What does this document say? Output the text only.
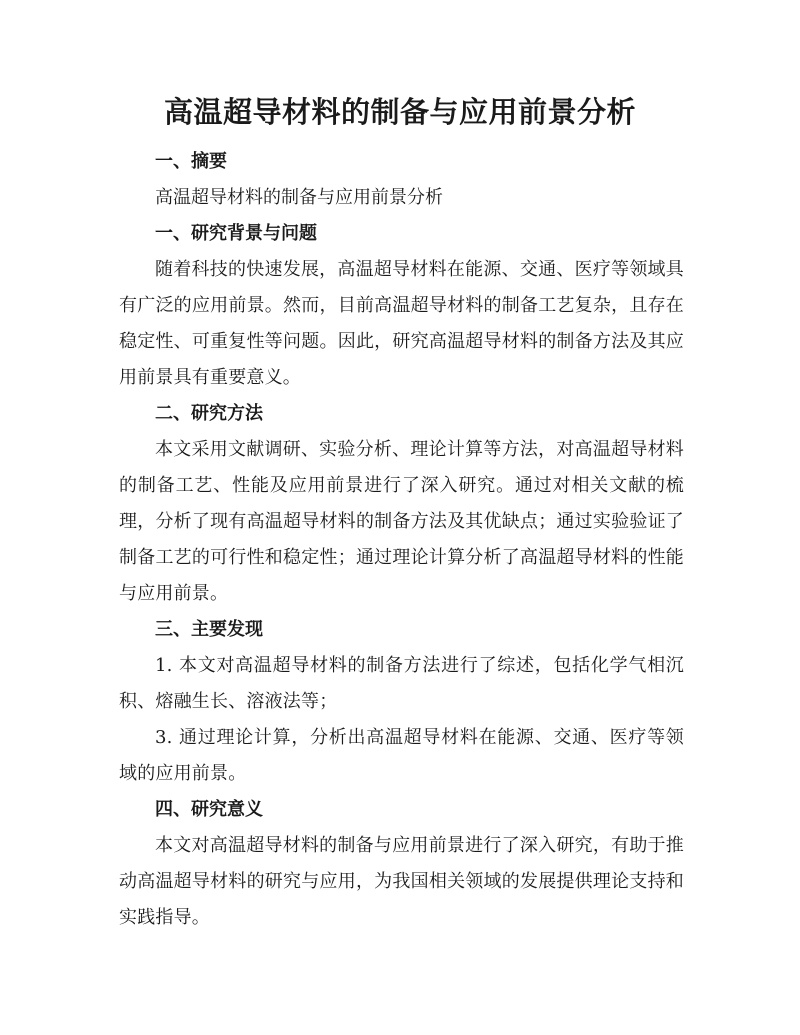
高温超导材料的制备与应用前景分析

一、摘要

高温超导材料的制备与应用前景分析

一、研究背景与问题

随着科技的快速发展，高温超导材料在能源、交通、医疗等领域具有广泛的应用前景。然而，目前高温超导材料的制备工艺复杂，且存在稳定性、可重复性等问题。因此，研究高温超导材料的制备方法及其应用前景具有重要意义。

二、研究方法

本文采用文献调研、实验分析、理论计算等方法，对高温超导材料的制备工艺、性能及应用前景进行了深入研究。通过对相关文献的梳理，分析了现有高温超导材料的制备方法及其优缺点；通过实验验证了制备工艺的可行性和稳定性；通过理论计算分析了高温超导材料的性能与应用前景。

三、主要发现

1. 本文对高温超导材料的制备方法进行了综述，包括化学气相沉积、熔融生长、溶液法等；

3. 通过理论计算，分析出高温超导材料在能源、交通、医疗等领域的应用前景。

四、研究意义

本文对高温超导材料的制备与应用前景进行了深入研究，有助于推动高温超导材料的研究与应用，为我国相关领域的发展提供理论支持和实践指导。
